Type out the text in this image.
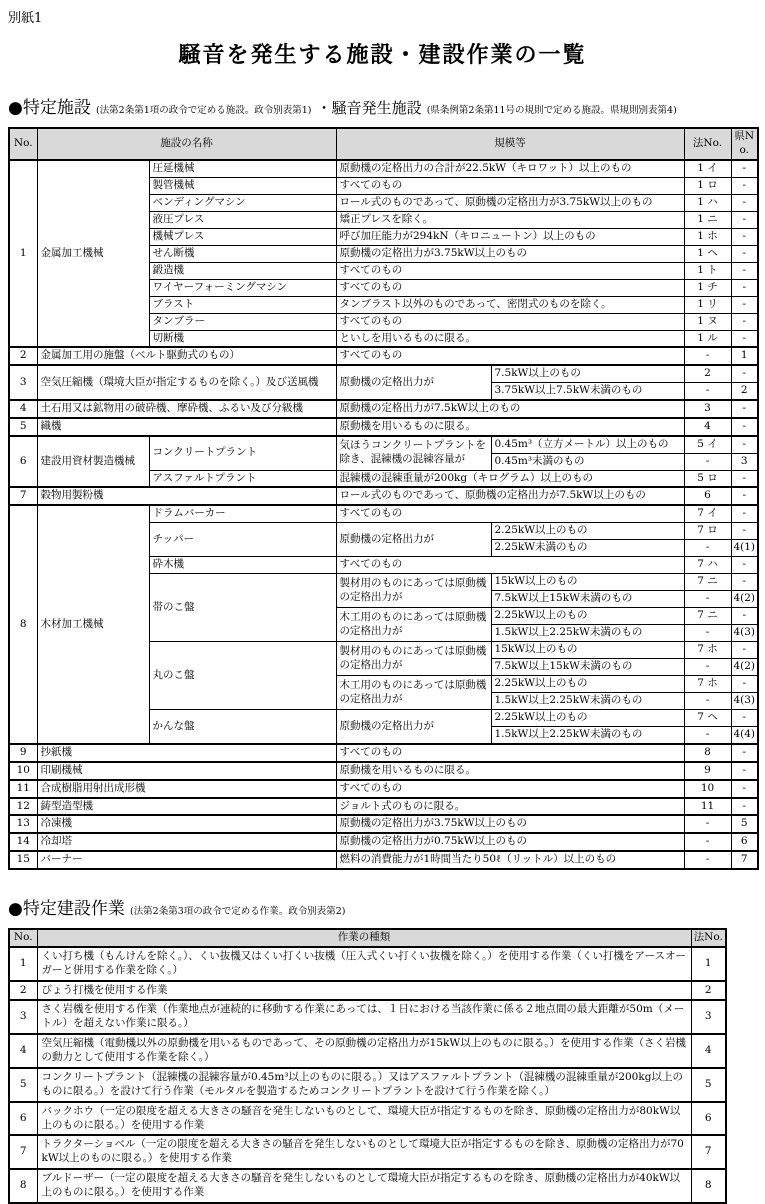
別紙1
騒音を発生する施設・建設作業の一覧
●特定施設 (法第2条第1項の政令で定める施設。政令別表第1) ・騒音発生施設 (県条例第2条第11号の規則で定める施設。県規則別表第4)
No.	施設の名称		規模等		法No.	県No.
1	金属加工機械	圧延機械	原動機の定格出力の合計が22.5kW（キロワット）以上のもの		1 イ	-
		製管機械	すべてのもの		1 ロ	-
		ベンディングマシン	ロール式のものであって、原動機の定格出力が3.75kW以上のもの		1 ハ	-
		液圧プレス	矯正プレスを除く。		1 ニ	-
		機械プレス	呼び加圧能力が294kN（キロニュートン）以上のもの		1 ホ	-
		せん断機	原動機の定格出力が3.75kW以上のもの		1 ヘ	-
		鍛造機	すべてのもの		1 ト	-
		ワイヤーフォーミングマシン	すべてのもの		1 チ	-
		ブラスト	タンブラスト以外のものであって、密閉式のものを除く。		1 リ	-
		タンブラー	すべてのもの		1 ヌ	-
		切断機	といしを用いるものに限る。		1 ル	-
2	金属加工用の施盤（ベルト駆動式のもの）		すべてのもの		-	1
3	空気圧縮機（環境大臣が指定するものを除く。）及び送風機		原動機の定格出力が	7.5kW以上のもの	2	-
				3.75kW以上7.5kW未満のもの	-	2
4	土石用又は鉱物用の破砕機、摩砕機、ふるい及び分級機		原動機の定格出力が7.5kW以上のもの		3	-
5	織機		原動機を用いるものに限る。		4	-
6	建設用資材製造機械	コンクリートプラント	気ほうコンクリートプラントを除き、混練機の混練容量が	0.45m³（立方メートル）以上のもの	5 イ	-
				0.45m³未満のもの	-	3
		アスファルトプラント	混練機の混練重量が200kg（キログラム）以上のもの		5 ロ	-
7	穀物用製粉機		ロール式のものであって、原動機の定格出力が7.5kW以上のもの		6	-
8	木材加工機械	ドラムバーカー	すべてのもの		7 イ	-
		チッパー	原動機の定格出力が	2.25kW以上のもの	7 ロ	-
				2.25kW未満のもの	-	4(1)
		砕木機	すべてのもの		7 ハ	-
		帯のこ盤	製材用のものにあっては原動機の定格出力が	15kW以上のもの	7 ニ	-
				7.5kW以上15kW未満のもの	-	4(2)
			木工用のものにあっては原動機の定格出力が	2.25kW以上のもの	7 ニ	-
				1.5kW以上2.25kW未満のもの	-	4(3)
		丸のこ盤	製材用のものにあっては原動機の定格出力が	15kW以上のもの	7 ホ	-
				7.5kW以上15kW未満のもの	-	4(2)
			木工用のものにあっては原動機の定格出力が	2.25kW以上のもの	7 ホ	-
				1.5kW以上2.25kW未満のもの	-	4(3)
		かんな盤	原動機の定格出力が	2.25kW以上のもの	7 ヘ	-
				1.5kW以上2.25kW未満のもの	-	4(4)
9	抄紙機		すべてのもの		8	-
10	印刷機械		原動機を用いるものに限る。		9	-
11	合成樹脂用射出成形機		すべてのもの		10	-
12	鋳型造型機		ジョルト式のものに限る。		11	-
13	冷凍機		原動機の定格出力が3.75kW以上のもの		-	5
14	冷却塔		原動機の定格出力が0.75kW以上のもの		-	6
15	バーナー		燃料の消費能力が1時間当たり50ℓ（リットル）以上のもの		-	7
●特定建設作業 (法第2条第3項の政令で定める作業。政令別表第2)
No.	作業の種類	法No.
1	くい打ち機（もんけんを除く。）、くい抜機又はくい打くい抜機（圧入式くい打くい抜機を除く。）を使用する作業（くい打機をアースオーガーと併用する作業を除く。）	1
2	びょう打機を使用する作業	2
3	さく岩機を使用する作業（作業地点が連続的に移動する作業にあっては、１日における当該作業に係る２地点間の最大距離が50m（メートル）を超えない作業に限る。）	3
4	空気圧縮機（電動機以外の原動機を用いるものであって、その原動機の定格出力が15kW以上のものに限る。）を使用する作業（さく岩機の動力として使用する作業を除く。）	4
5	コンクリートプラント（混練機の混練容量が0.45m³以上のものに限る。）又はアスファルトプラント（混練機の混練重量が200kg以上のものに限る。）を設けて行う作業（モルタルを製造するためコンクリートプラントを設けて行う作業を除く。）	5
6	バックホウ（一定の限度を超える大きさの騒音を発生しないものとして、環境大臣が指定するものを除き、原動機の定格出力が80kW以上のものに限る。）を使用する作業	6
7	トラクターショベル（一定の限度を超える大きさの騒音を発生しないものとして環境大臣が指定するものを除き、原動機の定格出力が70kW以上のものに限る。）を使用する作業	7
8	ブルドーザー（一定の限度を超える大きさの騒音を発生しないものとして環境大臣が指定するものを除き、原動機の定格出力が40kW以上のものに限る。）を使用する作業	8
